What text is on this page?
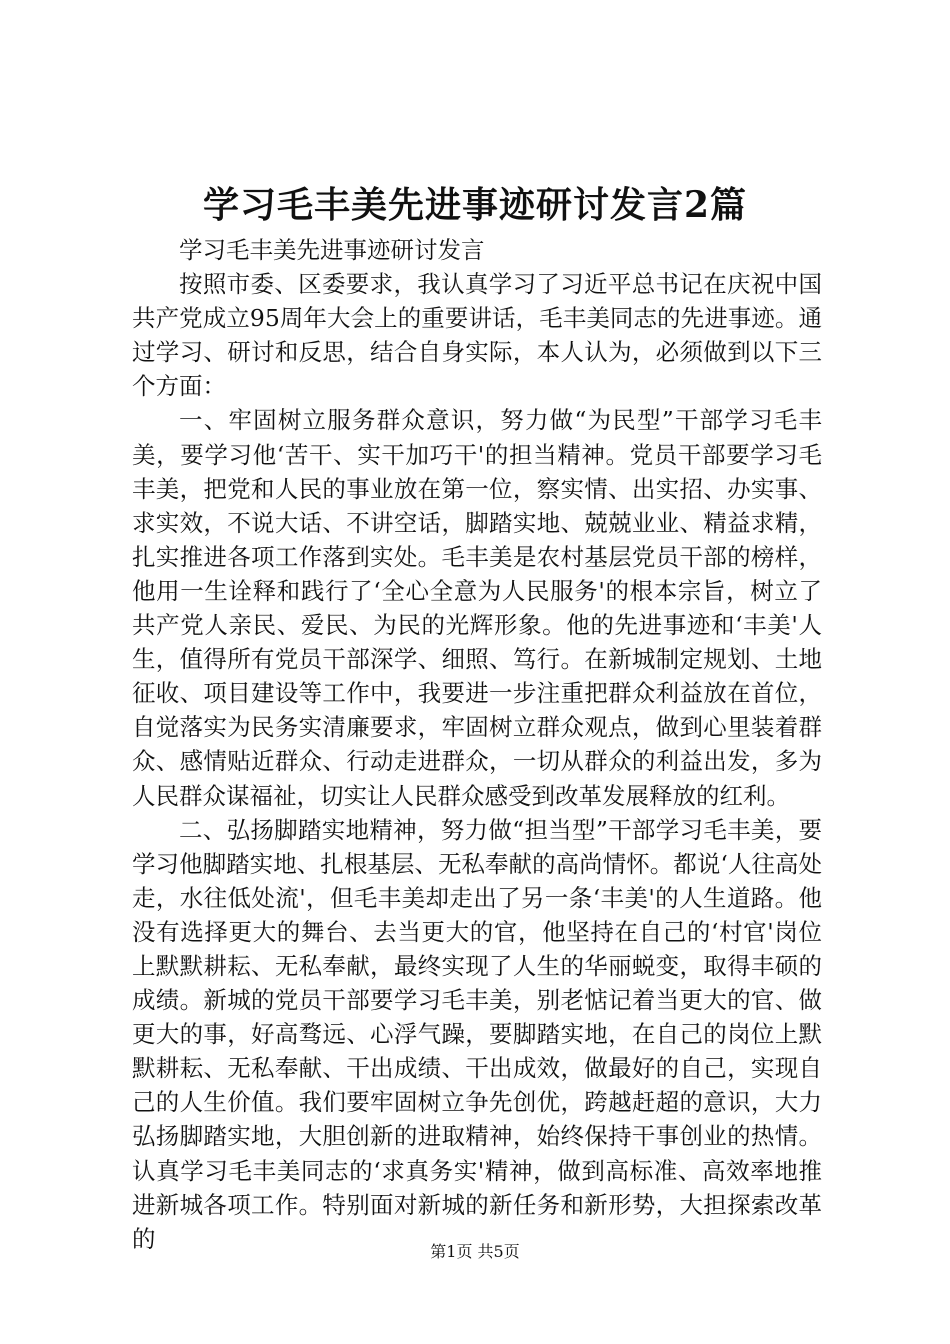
学习毛丰美先进事迹研讨发言2篇

学习毛丰美先进事迹研讨发言

按照市委、区委要求，我认真学习了习近平总书记在庆祝中国共产党成立95周年大会上的重要讲话，毛丰美同志的先进事迹。通过学习、研讨和反思，结合自身实际，本人认为，必须做到以下三个方面：

一、牢固树立服务群众意识，努力做“为民型”干部学习毛丰美，要学习他‘苦干、实干加巧干'的担当精神。党员干部要学习毛丰美，把党和人民的事业放在第一位，察实情、出实招、办实事、求实效，不说大话、不讲空话，脚踏实地、兢兢业业、精益求精，扎实推进各项工作落到实处。毛丰美是农村基层党员干部的榜样，他用一生诠释和践行了‘全心全意为人民服务'的根本宗旨，树立了共产党人亲民、爱民、为民的光辉形象。他的先进事迹和‘丰美'人生，值得所有党员干部深学、细照、笃行。在新城制定规划、土地征收、项目建设等工作中，我要进一步注重把群众利益放在首位，自觉落实为民务实清廉要求，牢固树立群众观点，做到心里装着群众、感情贴近群众、行动走进群众，一切从群众的利益出发，多为人民群众谋福祉，切实让人民群众感受到改革发展释放的红利。

二、弘扬脚踏实地精神，努力做“担当型”干部学习毛丰美，要学习他脚踏实地、扎根基层、无私奉献的高尚情怀。都说‘人往高处走，水往低处流'，但毛丰美却走出了另一条‘丰美'的人生道路。他没有选择更大的舞台、去当更大的官，他坚持在自己的‘村官'岗位上默默耕耘、无私奉献，最终实现了人生的华丽蜕变，取得丰硕的成绩。新城的党员干部要学习毛丰美，别老惦记着当更大的官、做更大的事，好高骛远、心浮气躁，要脚踏实地，在自己的岗位上默默耕耘、无私奉献、干出成绩、干出成效，做最好的自己，实现自己的人生价值。我们要牢固树立争先创优，跨越赶超的意识，大力弘扬脚踏实地，大胆创新的进取精神，始终保持干事创业的热情。认真学习毛丰美同志的‘求真务实'精神，做到高标准、高效率地推进新城各项工作。特别面对新城的新任务和新形势，大担探索改革的	第1页 共5页
